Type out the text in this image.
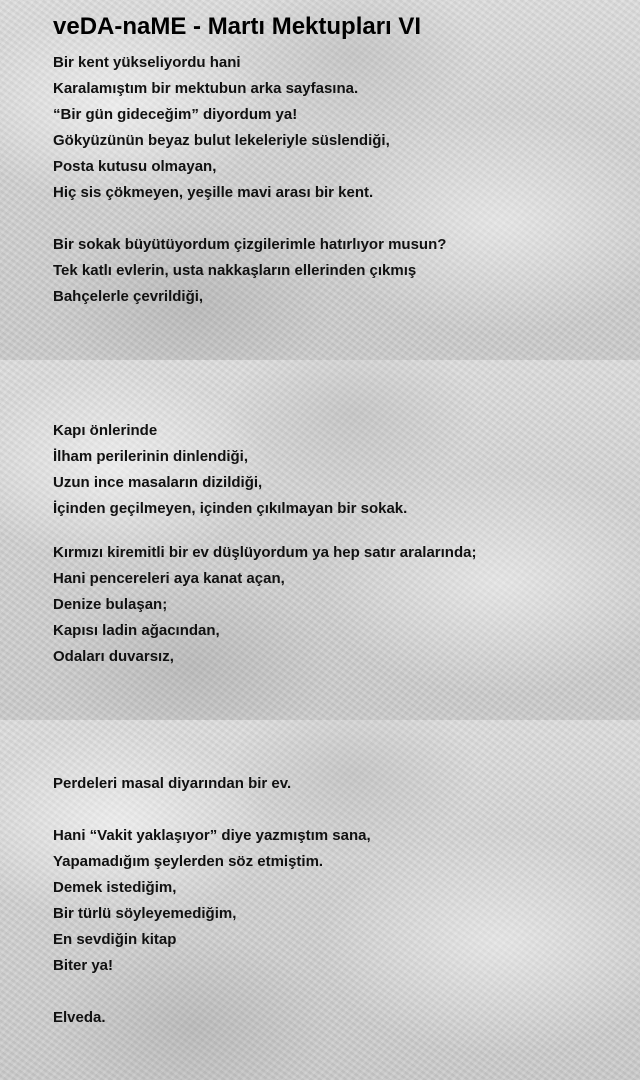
veDA-naME - Martı Mektupları VI
Bir kent yükseliyordu hani
Karalamıştım bir mektubun arka sayfasına.
“Bir gün gideceğim” diyordum ya!
Gökyüzünün beyaz bulut lekeleriyle süslendiği,
Posta kutusu olmayan,
Hiç sis çökmeyen, yeşille mavi arası bir kent.
Bir sokak büyütüyordum çizgilerimle hatırlıyor musun?
Tek katlı evlerin, usta nakkaşların ellerinden çıkmış
Bahçelerle çevrildiği,
Kapı önlerinde
İlham perilerinin dinlendiği,
Uzun ince masaların dizildiği,
İçinden geçilmeyen, içinden çıkılmayan bir sokak.
Kırmızı kiremitli bir ev düşlüyordum ya hep satır aralarında;
Hani pencereleri aya kanat açan,
Denize bulaşan;
Kapısı ladin ağacından,
Odaları duvarsız,
Perdeleri masal diyarından bir ev.
Hani “Vakit yaklaşıyor” diye yazmıştım sana,
Yapamadığım şeylerden söz etmiştim.
Demek istediğim,
Bir türlü söyleyemediğim,
En sevdiğin kitap
Biter ya!
Elveda.
